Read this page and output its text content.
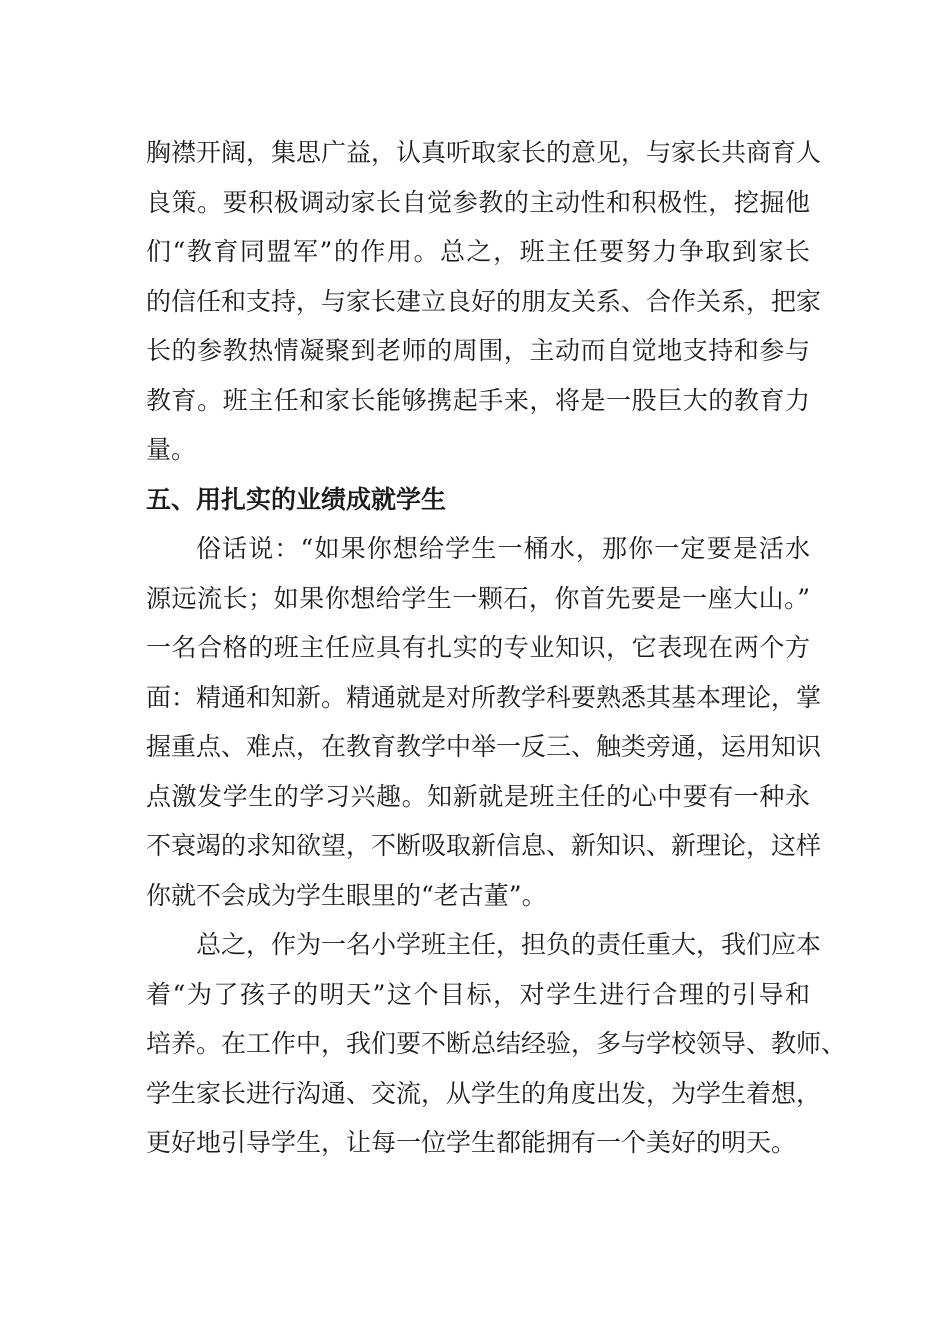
胸襟开阔，集思广益，认真听取家长的意见，与家长共商育人
良策。要积极调动家长自觉参教的主动性和积极性，挖掘他
们“教育同盟军”的作用。总之，班主任要努力争取到家长
的信任和支持，与家长建立良好的朋友关系、合作关系，把家
长的参教热情凝聚到老师的周围，主动而自觉地支持和参与
教育。班主任和家长能够携起手来，将是一股巨大的教育力
量。
五、用扎实的业绩成就学生
俗话说：“如果你想给学生一桶水，那你一定要是活水
源远流长；如果你想给学生一颗石，你首先要是一座大山。”
一名合格的班主任应具有扎实的专业知识，它表现在两个方
面：精通和知新。精通就是对所教学科要熟悉其基本理论，掌
握重点、难点，在教育教学中举一反三、触类旁通，运用知识
点激发学生的学习兴趣。知新就是班主任的心中要有一种永
不衰竭的求知欲望，不断吸取新信息、新知识、新理论，这样
你就不会成为学生眼里的“老古董”。
总之，作为一名小学班主任，担负的责任重大，我们应本
着“为了孩子的明天”这个目标，对学生进行合理的引导和
培养。在工作中，我们要不断总结经验，多与学校领导、教师、
学生家长进行沟通、交流，从学生的角度出发，为学生着想，
更好地引导学生，让每一位学生都能拥有一个美好的明天。
